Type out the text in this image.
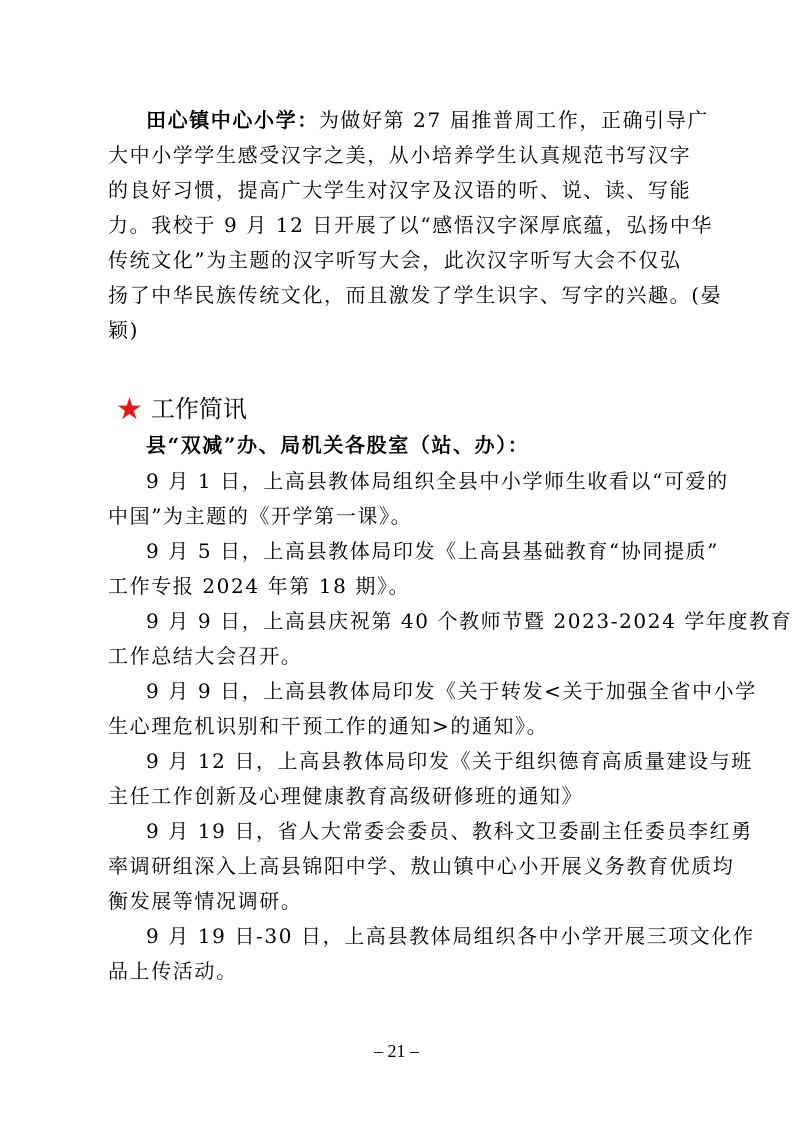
田心镇中心小学：为做好第 27 届推普周工作，正确引导广
大中小学学生感受汉字之美，从小培养学生认真规范书写汉字
的良好习惯，提高广大学生对汉字及汉语的听、说、读、写能
力。我校于 9 月 12 日开展了以“感悟汉字深厚底蕴，弘扬中华
传统文化”为主题的汉字听写大会，此次汉字听写大会不仅弘
扬了中华民族传统文化，而且激发了学生识字、写字的兴趣。(晏
颖)

★ 工作简讯

县“双减”办、局机关各股室（站、办）：

9 月 1 日，上高县教体局组织全县中小学师生收看以“可爱的
中国”为主题的《开学第一课》。

9 月 5 日，上高县教体局印发《上高县基础教育“协同提质”
工作专报 2024 年第 18 期》。

9 月 9 日，上高县庆祝第 40 个教师节暨 2023-2024 学年度教育
工作总结大会召开。

9 月 9 日，上高县教体局印发《关于转发<关于加强全省中小学
生心理危机识别和干预工作的通知>的通知》。

9 月 12 日，上高县教体局印发《关于组织德育高质量建设与班
主任工作创新及心理健康教育高级研修班的通知》

9 月 19 日，省人大常委会委员、教科文卫委副主任委员李红勇
率调研组深入上高县锦阳中学、敖山镇中心小开展义务教育优质均
衡发展等情况调研。

9 月 19 日-30 日，上高县教体局组织各中小学开展三项文化作
品上传活动。

– 21 –
